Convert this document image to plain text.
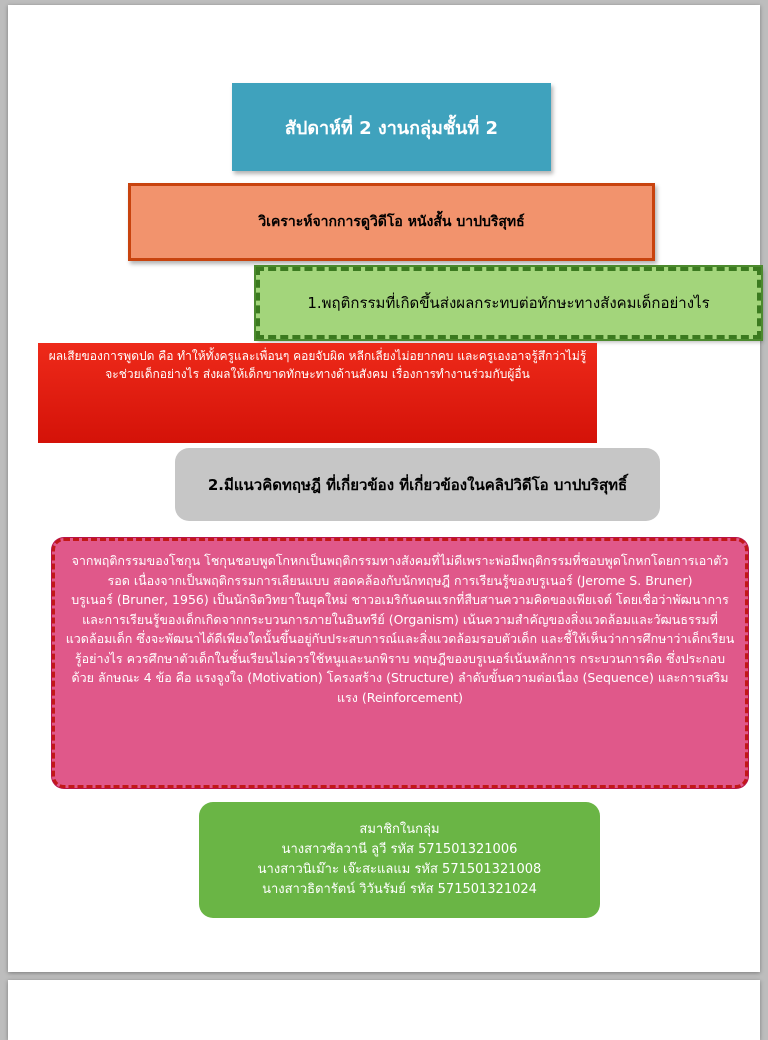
สัปดาห์ที่ 2 งานกลุ่มชั้นที่ 2
วิเคราะห์จากการดูวิดีโอ หนังสั้น บาปบริสุทธ์
1.พฤติกรรมที่เกิดขึ้นส่งผลกระทบต่อทักษะทางสังคมเด็กอย่างไร
ผลเสียของการพูดปด คือ ทำให้ทั้งครูและเพื่อนๆ คอยจับผิด หลีกเลี่ยงไม่อยากคบ และครูเองอาจรู้สึกว่าไม่รู้จะช่วยเด็กอย่างไร ส่งผลให้เด็กขาดทักษะทางด้านสังคม เรื่องการทำงานร่วมกับผู้อื่น
2.มีแนวคิดทฤษฎี ที่เกี่ยวข้อง ที่เกี่ยวข้องในคลิปวิดีโอ บาปบริสุทธิ์

จากพฤติกรรมของโชกุน โชกุนชอบพูดโกหกเป็นพฤติกรรมทางสังคมที่ไม่ดีเพราะพ่อมีพฤติกรรมที่ชอบพูดโกหกโดยการเอาตัวรอด เนื่องจากเป็นพฤติกรรมการเลียนแบบ สอดคล้องกับนักทฤษฎี การเรียนรู้ของบรูเนอร์ (Jerome S. Bruner)

บรูเนอร์ (Bruner, 1956) เป็นนักจิตวิทยาในยุคใหม่ ชาวอเมริกันคนแรกที่สืบสานความคิดของเพียเจต์ โดยเชื่อว่าพัฒนาการและการเรียนรู้ของเด็กเกิดจากกระบวนการภายในอินทรีย์ (Organism) เน้นความสำคัญของสิ่งแวดล้อมและวัฒนธรรมที่แวดล้อมเด็ก ซึ่งจะพัฒนาได้ดีเพียงใดนั้นขึ้นอยู่กับประสบการณ์และสิ่งแวดล้อมรอบตัวเด็ก และชี้ให้เห็นว่าการศึกษาว่าเด็กเรียนรู้อย่างไร ควรศึกษาตัวเด็กในชั้นเรียนไม่ควรใช้หนูและนกพิราบ ทฤษฎีของบรูเนอร์เน้นหลักการ กระบวนการคิด ซึ่งประกอบด้วย ลักษณะ 4 ข้อ คือ แรงจูงใจ (Motivation) โครงสร้าง (Structure) ลำดับขั้นความต่อเนื่อง (Sequence) และการเสริมแรง (Reinforcement)

สมาชิกในกลุ่ม
นางสาวซัลวานี ลูวี รหัส 571501321006
นางสาวนิเม๊าะ เจ๊ะสะแลแม รหัส 571501321008
นางสาวธิดารัตน์ วิวันรัมย์ รหัส 571501321024
